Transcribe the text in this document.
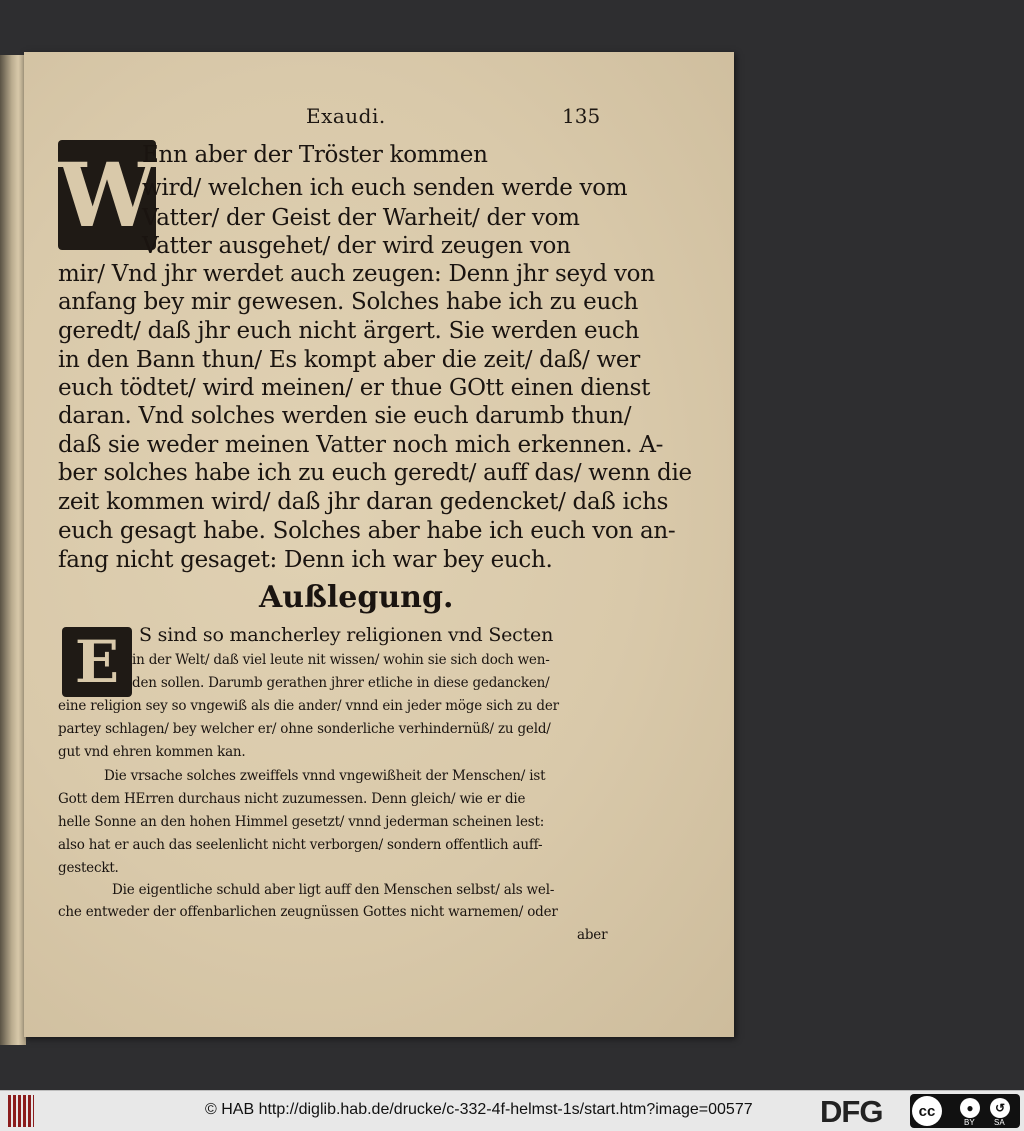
Exaudi.	135
W
Enn aber der Tröster kommen
wird/ welchen ich euch senden werde vom
Vatter/ der Geist der Warheit/ der vom
Vatter ausgehet/ der wird zeugen von
mir/ Vnd jhr werdet auch zeugen: Denn jhr seyd von
anfang bey mir gewesen. Solches habe ich zu euch
geredt/ daß jhr euch nicht ärgert. Sie werden euch
in den Bann thun/ Es kompt aber die zeit/ daß/ wer
euch tödtet/ wird meinen/ er thue GOtt einen dienst
daran. Vnd solches werden sie euch darumb thun/
daß sie weder meinen Vatter noch mich erkennen. A-
ber solches habe ich zu euch geredt/ auff das/ wenn die
zeit kommen wird/ daß jhr daran gedencket/ daß ichs
euch gesagt habe. Solches aber habe ich euch von an-
fang nicht gesaget: Denn ich war bey euch.
Außlegung.
E	S sind so mancherley religionen vnd Secten
in der Welt/ daß viel leute nit wissen/ wohin sie sich doch wen-
den sollen. Darumb gerathen jhrer etliche in diese gedancken/
eine religion sey so vngewiß als die ander/ vnnd ein jeder möge sich zu der
partey schlagen/ bey welcher er/ ohne sonderliche verhindernüß/ zu geld/
gut vnd ehren kommen kan.
Die vrsache solches zweiffels vnnd vngewißheit der Menschen/ ist
Gott dem HErren durchaus nicht zuzumessen. Denn gleich/ wie er die
helle Sonne an den hohen Himmel gesetzt/ vnnd jederman scheinen lest:
also hat er auch das seelenlicht nicht verborgen/ sondern offentlich auff-
gesteckt.
Die eigentliche schuld aber ligt auff den Menschen selbst/ als wel-
che entweder der offenbarlichen zeugnüssen Gottes nicht warnemen/ oder
aber
© HAB http://diglib.hab.de/drucke/c-332-4f-helmst-1s/start.htm?image=00577 DFG	cc	●	↺
BY SA
